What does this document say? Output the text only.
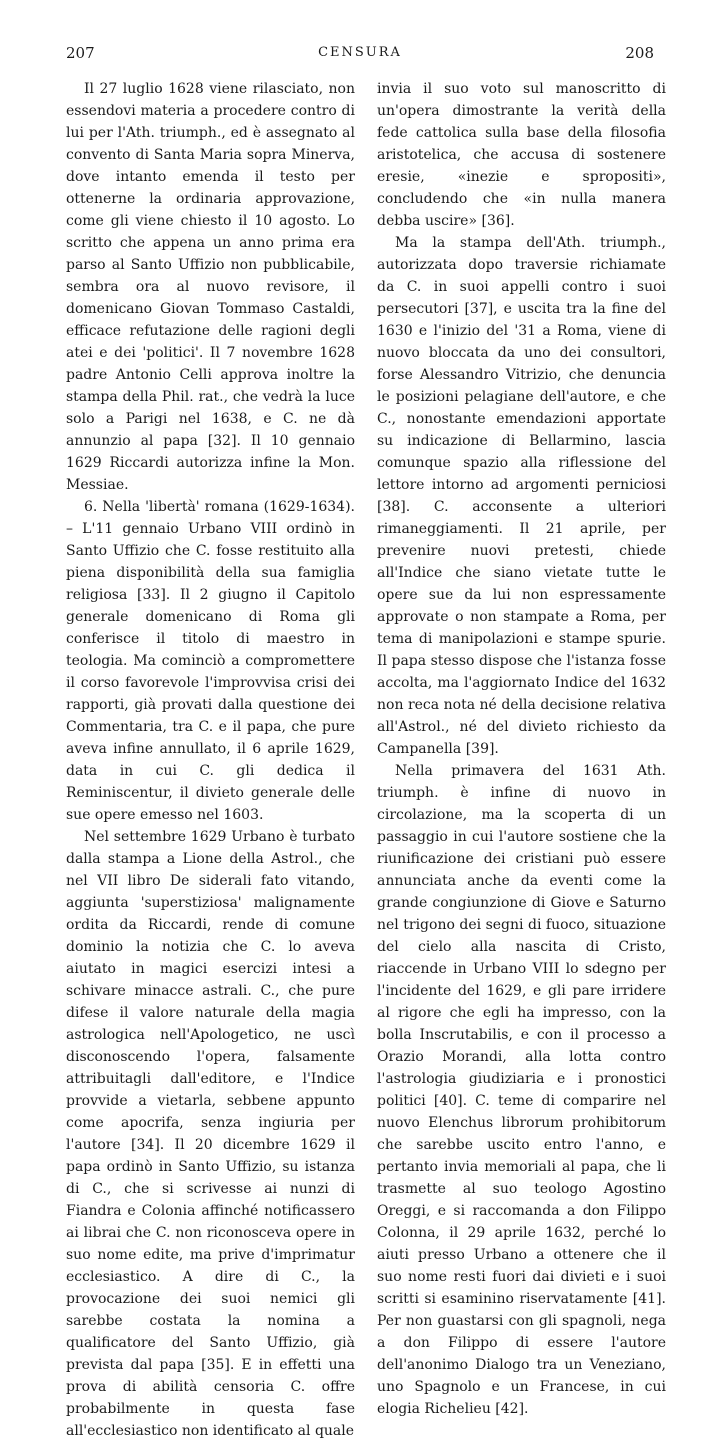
207	CENSURA	208

Il 27 luglio 1628 viene rilasciato, non essendovi materia a procedere contro di lui per l'Ath. triumph., ed è assegnato al convento di Santa Maria sopra Minerva, dove intanto emenda il testo per ottenerne la ordinaria approvazione, come gli viene chiesto il 10 agosto. Lo scritto che appena un anno prima era parso al Santo Uffizio non pubblicabile, sembra ora al nuovo revisore, il domenicano Giovan Tommaso Castaldi, efficace refutazione delle ragioni degli atei e dei 'politici'. Il 7 novembre 1628 padre Antonio Celli approva inoltre la stampa della Phil. rat., che vedrà la luce solo a Parigi nel 1638, e C. ne dà annunzio al papa [32]. Il 10 gennaio 1629 Riccardi autorizza infine la Mon. Messiae.

6. Nella 'libertà' romana (1629-1634). – L'11 gennaio Urbano VIII ordinò in Santo Uffizio che C. fosse restituito alla piena disponibilità della sua famiglia religiosa [33]. Il 2 giugno il Capitolo generale domenicano di Roma gli conferisce il titolo di maestro in teologia. Ma cominciò a compromettere il corso favorevole l'improvvisa crisi dei rapporti, già provati dalla questione dei Commentaria, tra C. e il papa, che pure aveva infine annullato, il 6 aprile 1629, data in cui C. gli dedica il Reminiscentur, il divieto generale delle sue opere emesso nel 1603.

Nel settembre 1629 Urbano è turbato dalla stampa a Lione della Astrol., che nel VII libro De siderali fato vitando, aggiunta 'superstiziosa' malignamente ordita da Riccardi, rende di comune dominio la notizia che C. lo aveva aiutato in magici esercizi intesi a schivare minacce astrali. C., che pure difese il valore naturale della magia astrologica nell'Apologetico, ne uscì disconoscendo l'opera, falsamente attribuitagli dall'editore, e l'Indice provvide a vietarla, sebbene appunto come apocrifa, senza ingiuria per l'autore [34]. Il 20 dicembre 1629 il papa ordinò in Santo Uffizio, su istanza di C., che si scrivesse ai nunzi di Fiandra e Colonia affinché notificassero ai librai che C. non riconosceva opere in suo nome edite, ma prive d'imprimatur ecclesiastico. A dire di C., la provocazione dei suoi nemici gli sarebbe costata la nomina a qualificatore del Santo Uffizio, già prevista dal papa [35]. E in effetti una prova di abilità censoria C. offre probabilmente in questa fase all'ecclesiastico non identificato al quale

invia il suo voto sul manoscritto di un'opera dimostrante la verità della fede cattolica sulla base della filosofia aristotelica, che accusa di sostenere eresie, «inezie e spropositi», concludendo che «in nulla manera debba uscire» [36].

Ma la stampa dell'Ath. triumph., autorizzata dopo traversie richiamate da C. in suoi appelli contro i suoi persecutori [37], e uscita tra la fine del 1630 e l'inizio del '31 a Roma, viene di nuovo bloccata da uno dei consultori, forse Alessandro Vitrizio, che denuncia le posizioni pelagiane dell'autore, e che C., nonostante emendazioni apportate su indicazione di Bellarmino, lascia comunque spazio alla riflessione del lettore intorno ad argomenti perniciosi [38]. C. acconsente a ulteriori rimaneggiamenti. Il 21 aprile, per prevenire nuovi pretesti, chiede all'Indice che siano vietate tutte le opere sue da lui non espressamente approvate o non stampate a Roma, per tema di manipolazioni e stampe spurie. Il papa stesso dispose che l'istanza fosse accolta, ma l'aggiornato Indice del 1632 non reca nota né della decisione relativa all'Astrol., né del divieto richiesto da Campanella [39].

Nella primavera del 1631 Ath. triumph. è infine di nuovo in circolazione, ma la scoperta di un passaggio in cui l'autore sostiene che la riunificazione dei cristiani può essere annunciata anche da eventi come la grande congiunzione di Giove e Saturno nel trigono dei segni di fuoco, situazione del cielo alla nascita di Cristo, riaccende in Urbano VIII lo sdegno per l'incidente del 1629, e gli pare irridere al rigore che egli ha impresso, con la bolla Inscrutabilis, e con il processo a Orazio Morandi, alla lotta contro l'astrologia giudiziaria e i pronostici politici [40]. C. teme di comparire nel nuovo Elenchus librorum prohibitorum che sarebbe uscito entro l'anno, e pertanto invia memoriali al papa, che li trasmette al suo teologo Agostino Oreggi, e si raccomanda a don Filippo Colonna, il 29 aprile 1632, perché lo aiuti presso Urbano a ottenere che il suo nome resti fuori dai divieti e i suoi scritti si esaminino riservatamente [41]. Per non guastarsi con gli spagnoli, nega a don Filippo di essere l'autore dell'anonimo Dialogo tra un Veneziano, uno Spagnolo e un Francese, in cui elogia Richelieu [42].
